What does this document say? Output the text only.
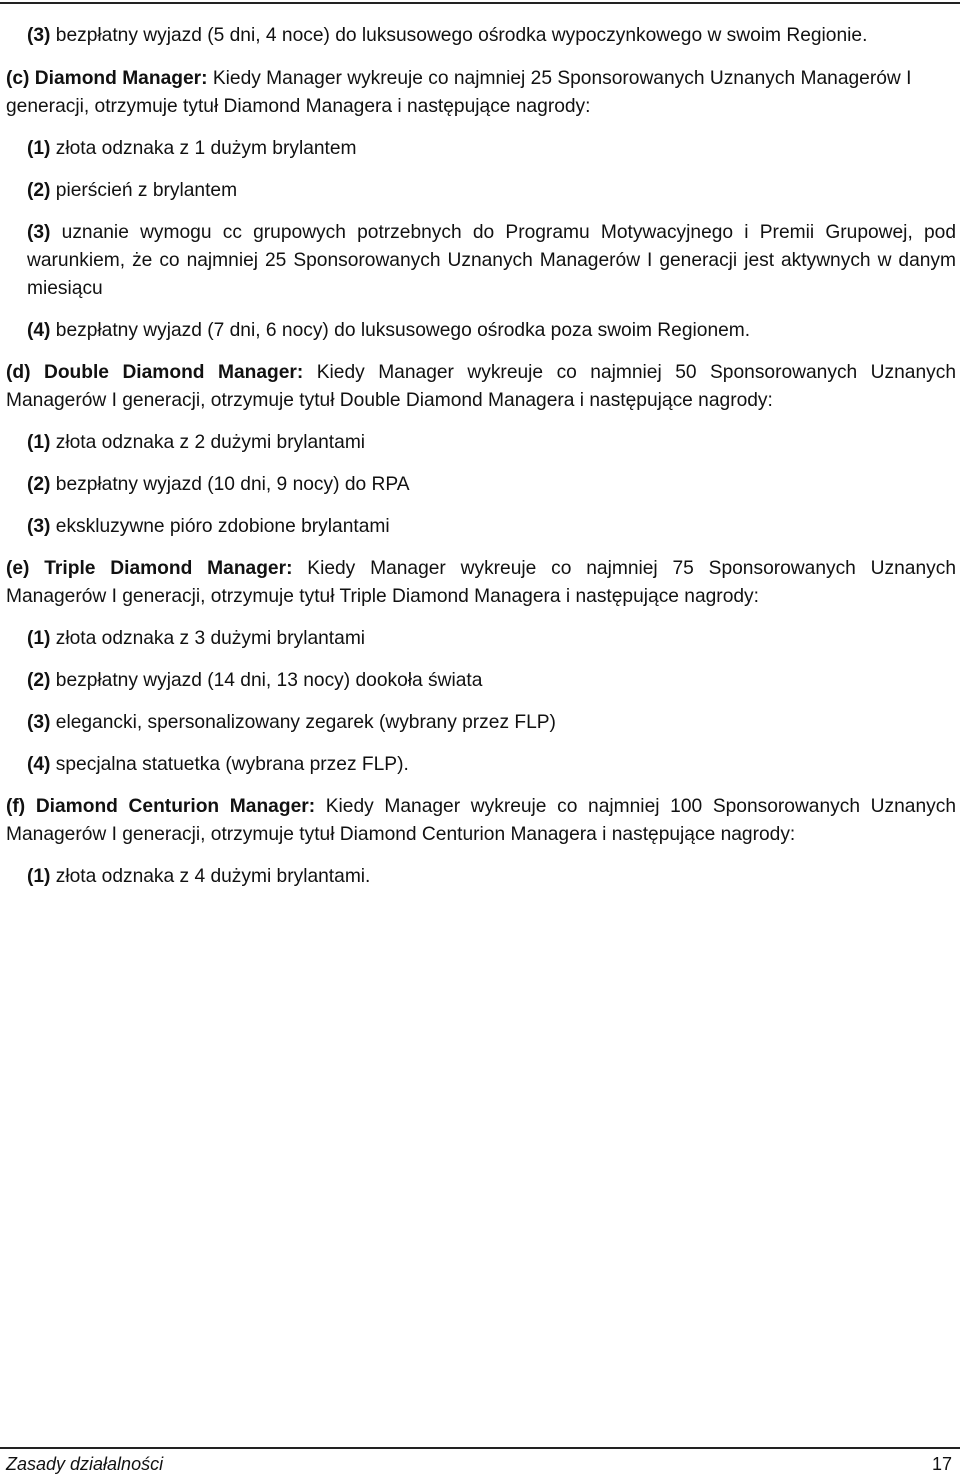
(3) bezpłatny wyjazd (5 dni, 4 noce) do luksusowego ośrodka wypoczynkowego w swoim Regionie.

(c) Diamond Manager: Kiedy Manager wykreuje co najmniej 25 Sponsorowanych Uznanych Managerów I generacji, otrzymuje tytuł Diamond Managera i następujące nagrody:

(1) złota odznaka z 1 dużym brylantem

(2) pierścień z brylantem

(3) uznanie wymogu cc grupowych potrzebnych do Programu Motywacyjnego i Premii Grupowej, pod warunkiem, że co najmniej 25 Sponsorowanych Uznanych Managerów I generacji jest aktywnych w danym miesiącu

(4) bezpłatny wyjazd (7 dni, 6 nocy) do luksusowego ośrodka poza swoim Regionem.

(d) Double Diamond Manager: Kiedy Manager wykreuje co najmniej 50 Sponsorowanych Uznanych Managerów I generacji, otrzymuje tytuł Double Diamond Managera i następujące nagrody:

(1) złota odznaka z 2 dużymi brylantami

(2) bezpłatny wyjazd (10 dni, 9 nocy) do RPA

(3) ekskluzywne pióro zdobione brylantami

(e) Triple Diamond Manager: Kiedy Manager wykreuje co najmniej 75 Sponsorowanych Uznanych Managerów I generacji, otrzymuje tytuł Triple Diamond Managera i następujące nagrody:

(1) złota odznaka z 3 dużymi brylantami

(2) bezpłatny wyjazd (14 dni, 13 nocy) dookoła świata

(3) elegancki, spersonalizowany zegarek (wybrany przez FLP)

(4) specjalna statuetka (wybrana przez FLP).

(f) Diamond Centurion Manager: Kiedy Manager wykreuje co najmniej 100 Sponsorowanych Uznanych Managerów I generacji, otrzymuje tytuł Diamond Centurion Managera i następujące nagrody:

(1) złota odznaka z 4 dużymi brylantami.

Zasady działalności	17
